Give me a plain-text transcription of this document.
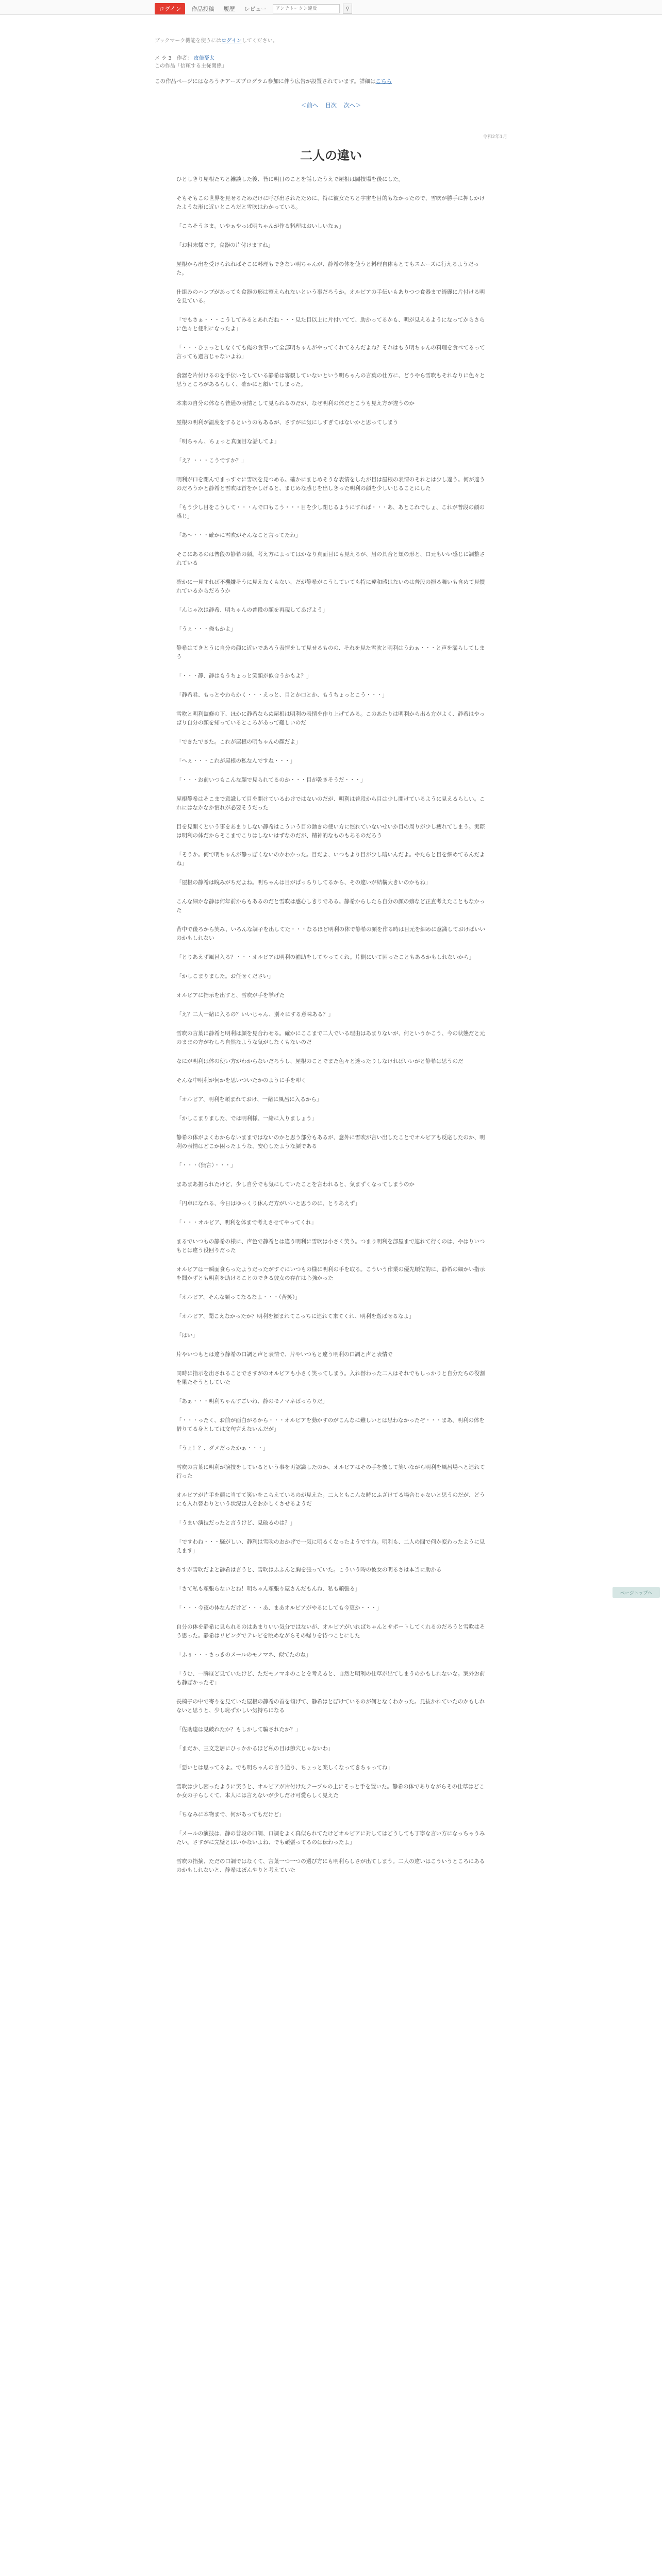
ログイン	作品投稿	履歴	レビュー
アンチトークン違反	⚲
ブックマーク機能を使うにはログインしてください。
メ ラ 3　作者： 皮倍憂太
この作品「信頼する主従関係」
この作品ページにはなろうチアーズプログラム参加に伴う広告が設置されています。詳細はこちら
＜前へ 目次 次へ＞
令和2年1月
二人の違い

ひとしきり屋根たちと雑談した後、皆に明日のことを話したうえで屋根は闘技場を後にした。

そもそもこの世界を見せるためだけに呼び出されたために、特に彼女たちと宇宙を目的もなかったので、雪吹が勝手に押しかけたような形に近いところだと雪吹はわかっている。

「こちそうさま。いやぁやっぱ明ちゃんが作る料理はおいしいなぁ」

「お粗末様です。食器の片付けますね」

屋根から出を受けられればそこに料理もできない明ちゃんが、静希の体を使うと料理自体もとてもスムーズに行えるようだった。

仕組みのハンプがあっても食器の形は整えられないという事だろうか。オルビアの手伝いもありつつ食器まで綺麗に片付ける明を見ている。

「でもさぁ・・・こうしてみるとあれだね・・・見た目以上に片付いてて、助かってるかも、明が見えるようになってからさらに色々と便利になったよ」

「・・・ひょっとしなくても俺の食事って全部明ちゃんがやってくれてるんだよね？それはもう明ちゃんの料理を食べてるって言っても過言じゃないよね」

食器を片付けるのを手伝いをしている静希は客観していないという明ちゃんの言葉の仕方に、どうやら雪吹もそれなりに色々と思うところがあるらしく、確かにと頷いてしまった。

本来の自分の体なら普通の表情として見られるのだが、なぜ明利の体だとこうも見え方が違うのか

屋根の明利が温度をするというのもあるが、さすがに気にしすぎてはないかと思ってしまう

「明ちゃん、ちょっと真面目な話してよ」

「え？・・・こうですか？」

明利が口を閉んでまっすぐに雪吹を見つめる。確かにまじめそうな表情をしたが目は屋根の表情のそれとは少し違う。何が違うのだろうかと静希と雪吹は首をかしげると、まじめな感じを出しきった明利の顔を少しいじることにした

「もう少し目をこうして・・・んで口もこう・・・目を少し閉じるようにすれば・・・あ、あとこれでしょ、これが普段の顔の感じ」

「あ～・・・確かに雪吹がそんなこと言ってたわ」

そこにあるのは普段の静希の顔。考え方によってはかなり真面目にも見えるが、眉の具合と頬の形と、口元もいい感じに調整されている

確かに一見すれば不機嫌そうに見えなくもない、だが静希がこうしていても特に違和感はないのは普段の振る舞いも含めて見慣れているからだろうか

「んじゃ次は静希、明ちゃんの普段の顔を再現してあげよう」

「うぇ・・・俺もかよ」

静希はてきとうに自分の顔に近いであろう表情をして見せるものの、それを見た雪吹と明利はうわぁ・・・と声を漏らしてしまう

「・・・静、静はもうちょっと笑顔が似合うかもよ？」

「静希君、もっとやわらかく・・・えっと、目とか口とか、もうちょっとこう・・・」

雪吹と明利監修の下、ほかに静希ならぬ屋根は明利の表情を作り上げてみる。このあたりは明利から出る方がよく、静希はやっぱり自分の顔を知っているところがあって難しいのだ

「できたできた。これが屋根の明ちゃんの顔だよ」

「へぇ・・・これが屋根の私なんですね・・・」

「・・・お前いつもこんな顔で見られてるのか・・・目が乾きそうだ・・・」

屋根静希はそこまで意識して目を開けているわけではないのだが、明利は普段から目は少し開けているように見えるらしい。これにはなかなか慣れが必要そうだった

目を見開くという事をあまりしない静希はこういう目の動きの使い方に慣れていないせいか目の周りが少し疲れてしまう。実際は明利の体だからそこまでこりはしないはずなのだが、精神的なものもあるのだろう

「そうか。何で明ちゃんが静っぽくないのかわかった。目だよ、いつもより目が少し暗いんだよ。やたらと目を細めてるんだよね」

「屋根の静希は睨みがちだよね。明ちゃんは目がぱっちりしてるから、その違いが結構大きいのかもね」

こんな細かな静は何年前からもあるのだと雪吹は感心しきりである。静希からしたら自分の顔の癖など正直考えたこともなかった

背中で後ろから笑み、いろんな調子を出してた・・・なるほど明利の体で静希の顔を作る時は目元を細めに意識しておけばいいのかもしれない

「とりあえず風呂入る？・・・オルビアは明利の補助をしてやってくれ。片側にいて困ったこともあるかもしれないから」

「かしこまりました。お任せください」

オルビアに指示を出すと、雪吹が手を挙げた

「え？二人一緒に入るの？いいじゃん、別々にする意味ある？」

雪吹の言葉に静希と明利は顔を見合わせる。確かにここまで二人でいる理由はあまりないが、何というかこう、今の状態だと元のままの方がむしろ自然なような気がしなくもないのだ

なにが明利は体の使い方がわからないだろうし、屋根のことでまた色々と迷ったりしなければいいがと静希は思うのだ

そんな中明利が何かを思いついたかのように手を叩く

「オルビア、明利を頼まれておけ、一緒に風呂に入るから」

「かしこまりました、では明利様、一緒に入りましょう」

静希の体がよくわからないままではないのかと思う部分もあるが、意外に雪吹が言い出したことでオルビアも反応したのか、明利の表情はどこか困ったような、安心したような顔である

「・・・（無言）・・・」

まあまあ振られたけど、少し自分でも気にしていたことを言われると、気まずくなってしまうのか

「円卓になれる、今日はゆっくり休んだ方がいいと思うのに、とりあえず」

「・・・オルビア、明利を体まで考えさせてやってくれ」

まるでいつもの静希の様に、声色で静希とは違う明利に雪吹は小さく笑う。つまり明利を部屋まで連れて行くのは、やはりいつもとは違う役回りだった

オルビアは一瞬面食らったようだったがすぐにいつもの様に明利の手を取る。こういう作業の優先順位的に、静希の細かい指示を聞かずとも明利を助けることのできる彼女の存在は心強かった

「オルビア、そんな顔ってなるなよ・・・（苦笑）」

「オルビア、聞こえなかったか？明利を頼まれてこっちに連れて来てくれ、明利を遊ばせるなよ」

「はい」

片やいつもとは違う静希の口調と声と表情で、片やいつもと違う明利の口調と声と表情で

同時に指示を出されることでさすがのオルビアも小さく笑ってしまう。入れ替わった二人はそれでもしっかりと自分たちの役割を果たそうとしていた

「あぁ・・・明利ちゃんすごいね、静のモノマネばっちりだ」

「・・・ったく、お前が面白がるから・・・オルビアを動かすのがこんなに難しいとは思わなかったぞ・・・まあ、明利の体を借りてる身としては文句言えないんだが」

「うぇ！？、ダメだったかぁ・・・」

雪吹の言葉に明利が演技をしているという事を再認識したのか、オルビアはその手を放して笑いながら明利を風呂場へと連れて行った

オルビアが片手を顔に当てて笑いをこらえているのが見えた。二人ともこんな時にふざけてる場合じゃないと思うのだが、どうにも入れ替わりという状況は人をおかしくさせるようだ

「うまい演技だったと言うけど、見破るのは？」

「ですわね・・・騒がしい、静利は雪吹のおかげで一気に明るくなったようですね。明利も、二人の間で何か変わったように見えます」

さすが雪吹だよと静希は言うと、雪吹はふふんと胸を張っていた。こういう時の彼女の明るさは本当に助かる

「さて私も頑張らないとね！明ちゃん頑張り屋さんだもんね、私も頑張る」

「・・・今夜の体なんだけど・・・あ、まあオルビアがやるにしても今更か・・・」

自分の体を静希に見られるのはあまりいい気分ではないが、オルビアがいればちゃんとサポートしてくれるのだろうと雪吹はそう思った。静希はリビングでテレビを眺めながらその帰りを待つことにした

「ふぅ・・・さっきのメールのモノマネ、似てたのね」

「うむ、一瞬ほど見ていたけど、ただモノマネのことを考えると、自然と明利の仕草が出てしまうのかもしれないな。案外お前も静ぽかったぞ」

長椅子の中で寄りを見ていた屋根の静希の首を傾げて、静希はとぼけているのが何となくわかった。見抜かれていたのかもしれないと思うと、少し恥ずかしい気持ちになる

「佐助達は見破れたか？もしかして騙されたか？」

「まだか、三文芝居にひっかかるほど私の目は節穴じゃないわ」

「悪いとは思ってるよ。でも明ちゃんの言う通り、ちょっと楽しくなってきちゃってね」

雪吹は少し困ったように笑うと、オルビアが片付けたテーブルの上にそっと手を置いた。静希の体でありながらその仕草はどこか女の子らしくて、本人には言えないが少しだけ可愛らしく見えた

「ちなみに本物まで、何があってもだけど」

「メールの演技は、静の普段の口調、口調をよく真似られてたけどオルビアに対してはどうしても丁寧な言い方になっちゃうみたい。さすがに完璧とはいかないよね、でも頑張ってるのは伝わったよ」

雪吹の指摘、ただの口調ではなくて、言葉一つ一つの選び方にも明利らしさが出てしまう。二人の違いはこういうところにあるのかもしれないと、静希はぼんやりと考えていた

ページトップへ
